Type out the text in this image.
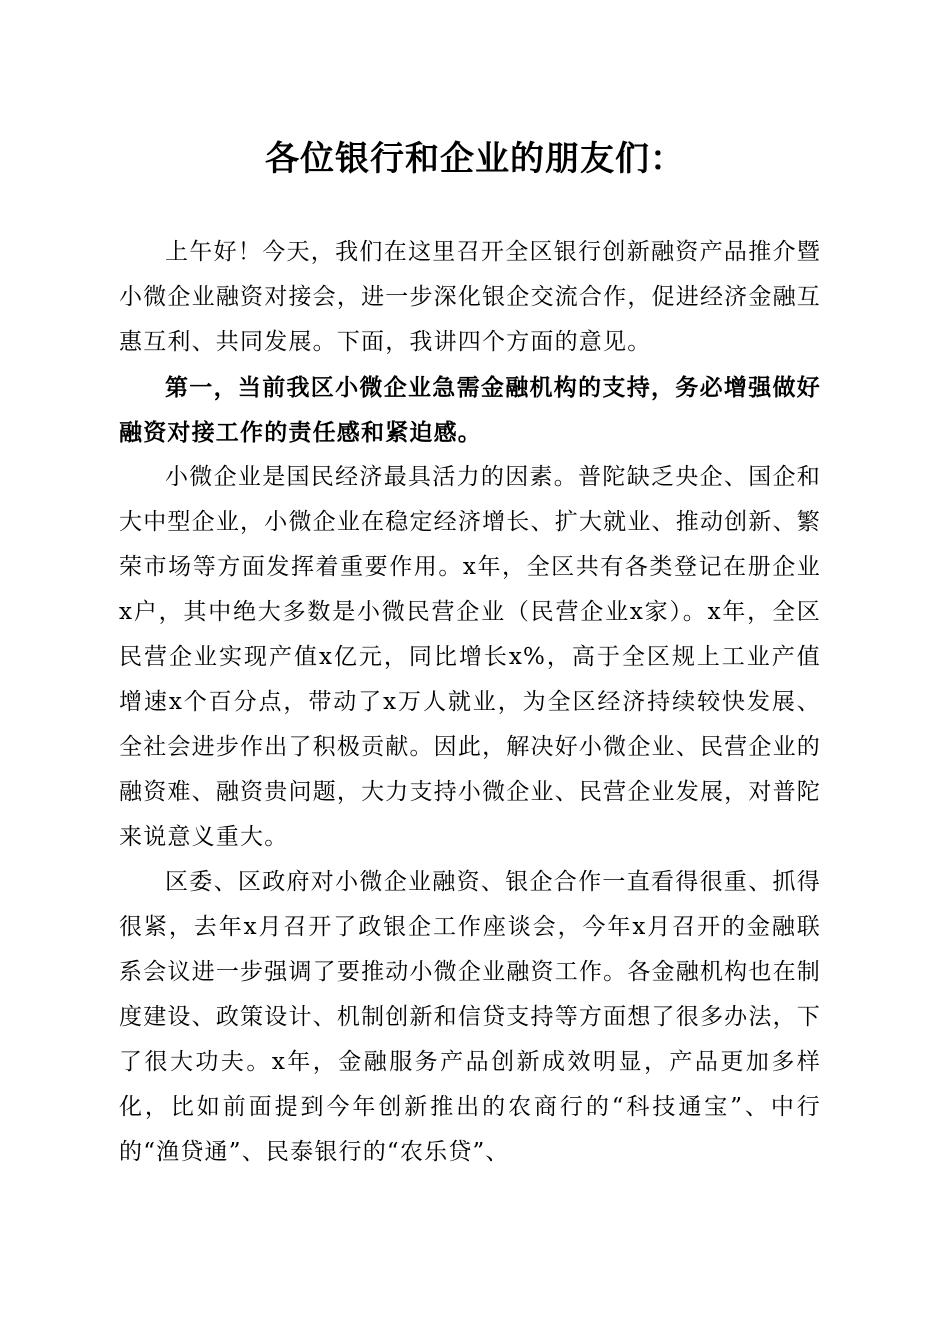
各位银行和企业的朋友们：

上午好！今天，我们在这里召开全区银行创新融资产品推介暨小微企业融资对接会，进一步深化银企交流合作，促进经济金融互惠互利、共同发展。下面，我讲四个方面的意见。

第一，当前我区小微企业急需金融机构的支持，务必增强做好融资对接工作的责任感和紧迫感。

小微企业是国民经济最具活力的因素。普陀缺乏央企、国企和大中型企业，小微企业在稳定经济增长、扩大就业、推动创新、繁荣市场等方面发挥着重要作用。x年，全区共有各类登记在册企业x户，其中绝大多数是小微民营企业（民营企业x家）。x年，全区民营企业实现产值x亿元，同比增长x%，高于全区规上工业产值增速x个百分点，带动了x万人就业，为全区经济持续较快发展、全社会进步作出了积极贡献。因此，解决好小微企业、民营企业的融资难、融资贵问题，大力支持小微企业、民营企业发展，对普陀来说意义重大。

区委、区政府对小微企业融资、银企合作一直看得很重、抓得很紧，去年x月召开了政银企工作座谈会，今年x月召开的金融联系会议进一步强调了要推动小微企业融资工作。各金融机构也在制度建设、政策设计、机制创新和信贷支持等方面想了很多办法，下了很大功夫。x年，金融服务产品创新成效明显，产品更加多样化，比如前面提到今年创新推出的农商行的“科技通宝”、中行的“渔贷通”、民泰银行的“农乐贷”、
